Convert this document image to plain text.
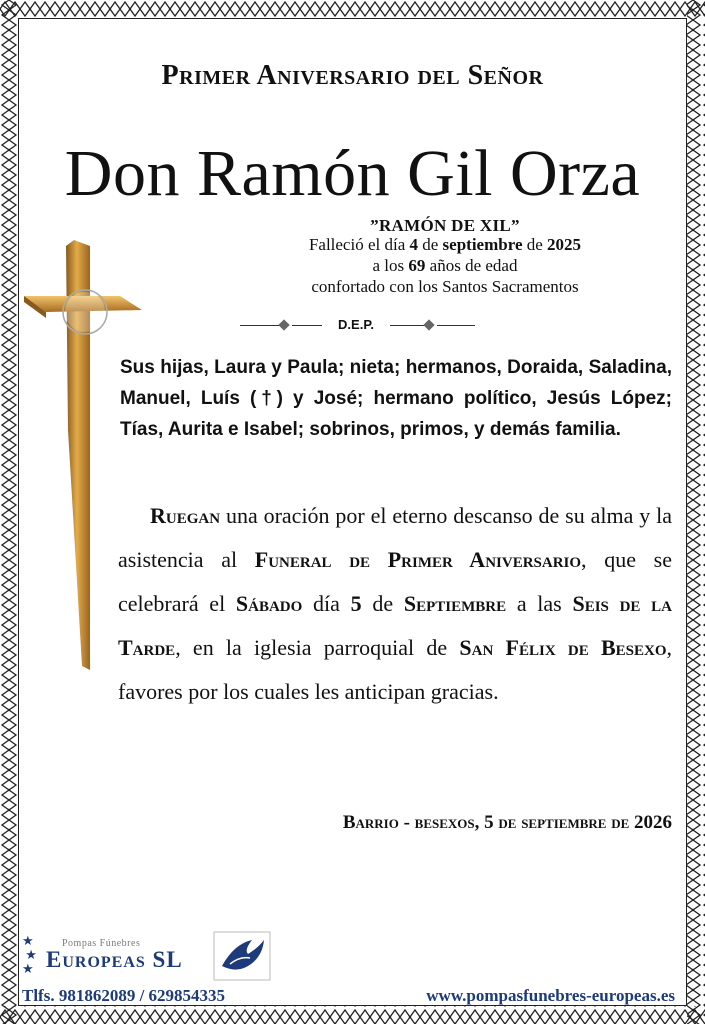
Primer Aniversario del Señor
Don Ramón Gil Orza
”RAMÓN DE XIL”
Falleció el día 4 de septiembre de 2025
a los 69 años de edad
confortado con los Santos Sacramentos
D.E.P.
Sus hijas, Laura y Paula; nieta; hermanos, Doraida, Saladina, Manuel, Luís (†) y José; hermano político, Jesús López; Tías, Aurita e Isabel; sobrinos, primos, y demás familia.
Ruegan una oración por el eterno descanso de su alma y la asistencia al Funeral de Primer Aniversario, que se celebrará el Sábado día 5 de Septiembre a las Seis de la Tarde, en la iglesia parroquial de San Félix de Besexo, favores por los cuales les anticipan gracias.
Barrio - besexos, 5 de septiembre de 2026
★
★
★
Pompas Fúnebres
Europeas SL
Tlfs. 981862089 / 629854335	www.pompasfunebres-europeas.es
